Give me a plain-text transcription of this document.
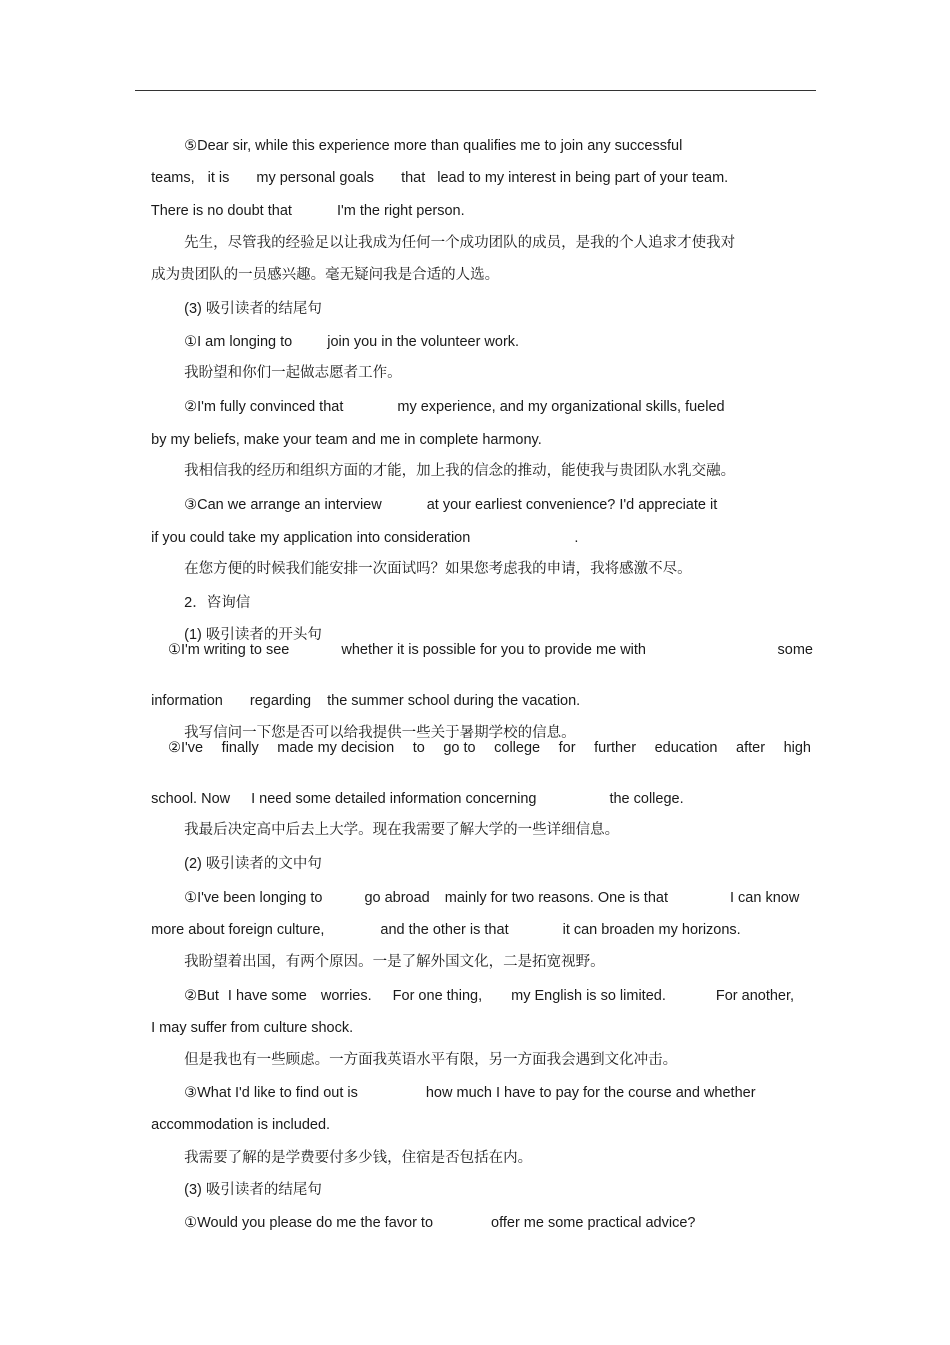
⑤Dear sir, while this experience more than qualifies me to join any successful

teams, it is my personal goals that lead to my interest in being part of your team.

There is no doubt that	I'm the right person.

先生，尽管我的经验足以让我成为任何一个成功团队的成员，是我的个人追求才使我对

成为贵团队的一员感兴趣。毫无疑问我是合适的人选。

(3) 吸引读者的结尾句

①I am longing to join you in the volunteer work.

我盼望和你们一起做志愿者工作。

②I'm fully convinced that	my experience, and my organizational skills, fueled

by my beliefs, make your team and me in complete harmony.

我相信我的经历和组织方面的才能，加上我的信念的推动，能使我与贵团队水乳交融。

③Can we arrange an interview	at your earliest convenience? I'd appreciate it

if you could take my application into consideration	.

在您方便的时候我们能安排一次面试吗？如果您考虑我的申请，我将感激不尽。

2．咨询信

(1) 吸引读者的开头句

①I'm writing to see	whether it is possible for you to provide me with	some

information regarding the summer school during the vacation.

我写信问一下您是否可以给我提供一些关于暑期学校的信息。

②I've finally made my decision to go to college for further education after high

school. Now I need some detailed information concerning	the college.

我最后决定高中后去上大学。现在我需要了解大学的一些详细信息。

(2) 吸引读者的文中句

①I've been longing to	go abroad mainly for two reasons. One is that	I can know

more about foreign culture,	and the other is that	it can broaden my horizons.

我盼望着出国，有两个原因。一是了解外国文化，二是拓宽视野。

②But I have some worries. For one thing, my English is so limited.	For another,

I may suffer from culture shock.

但是我也有一些顾虑。一方面我英语水平有限，另一方面我会遇到文化冲击。

③What I'd like to find out is	how much I have to pay for the course and whether

accommodation is included.

我需要了解的是学费要付多少钱，住宿是否包括在内。

(3) 吸引读者的结尾句

①Would you please do me the favor to	offer me some practical advice?
